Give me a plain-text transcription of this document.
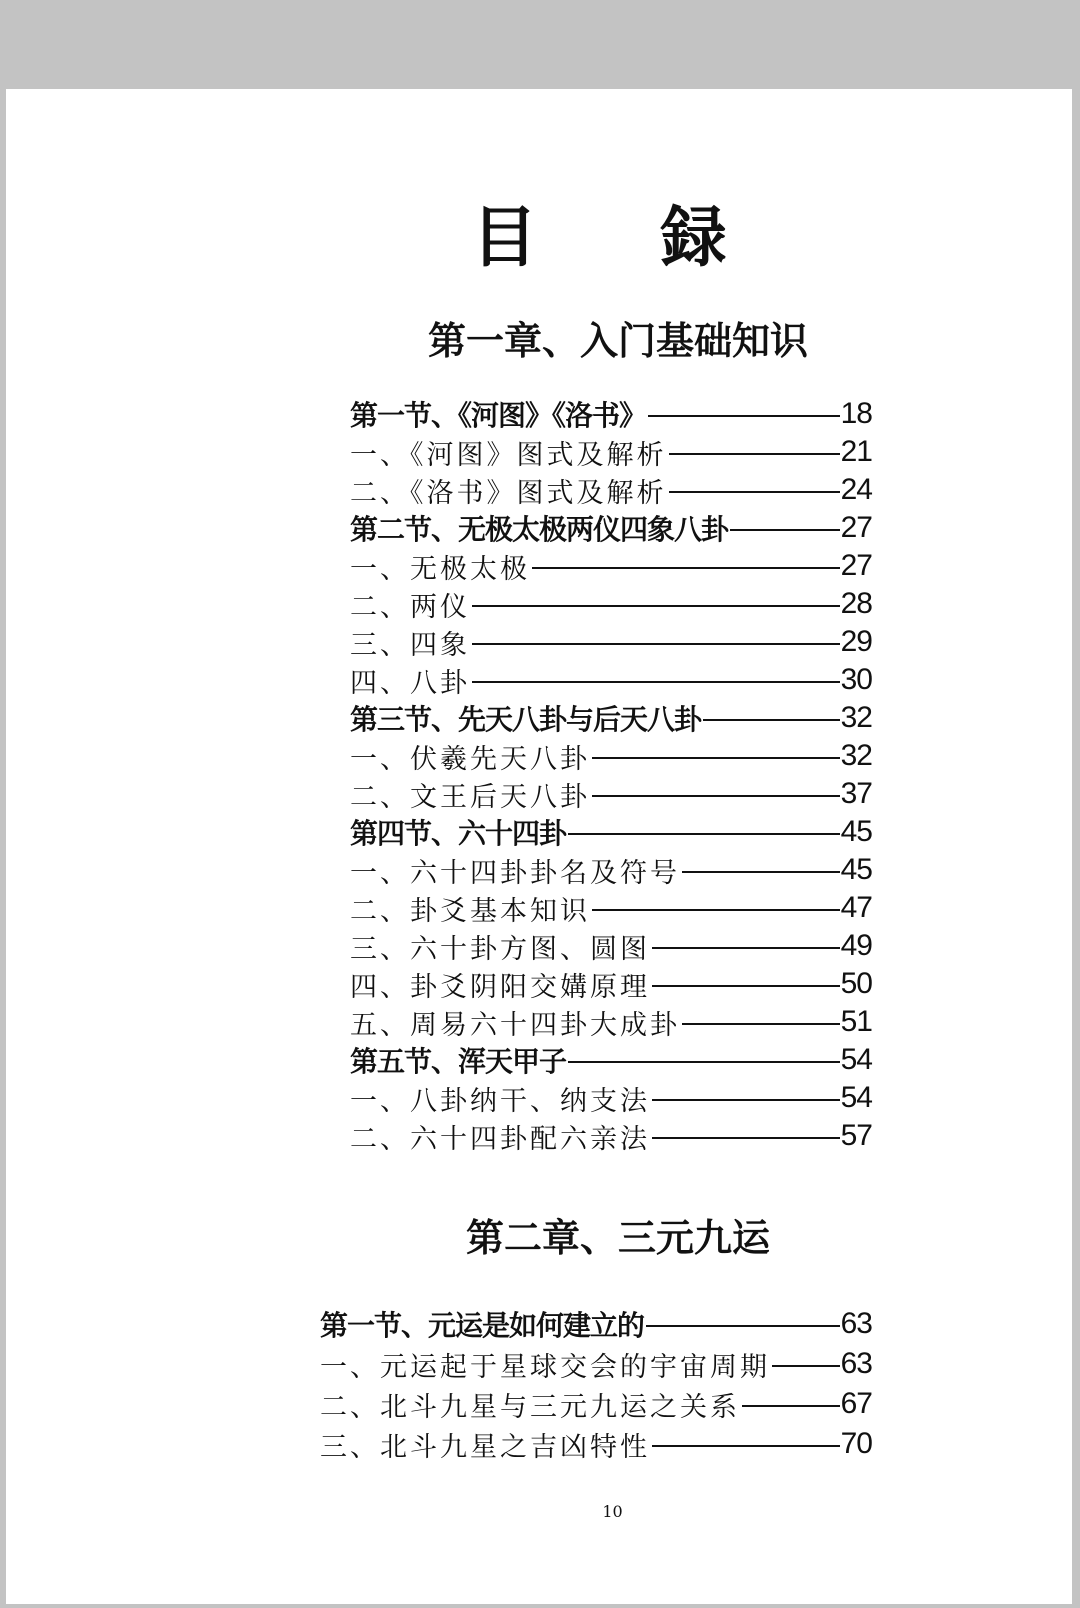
目 録
第一章、入门基础知识
第二章、三元九运
第一节、《河图》《洛书》	18
一、《河图》图式及解析	21
二、《洛书》图式及解析	24
第二节、无极太极两仪四象八卦	27
一、无极太极	27
二、两仪	28
三、四象	29
四、八卦	30
第三节、先天八卦与后天八卦	32
一、伏羲先天八卦	32
二、文王后天八卦	37
第四节、六十四卦	45
一、六十四卦卦名及符号	45
二、卦爻基本知识	47
三、六十卦方图、圆图	49
四、卦爻阴阳交媾原理	50
五、周易六十四卦大成卦	51
第五节、浑天甲子	54
一、八卦纳干、纳支法	54
二、六十四卦配六亲法	57
第一节、元运是如何建立的	63
一、元运起于星球交会的宇宙周期 63
二、北斗九星与三元九运之关系	67
三、北斗九星之吉凶特性	70
10
